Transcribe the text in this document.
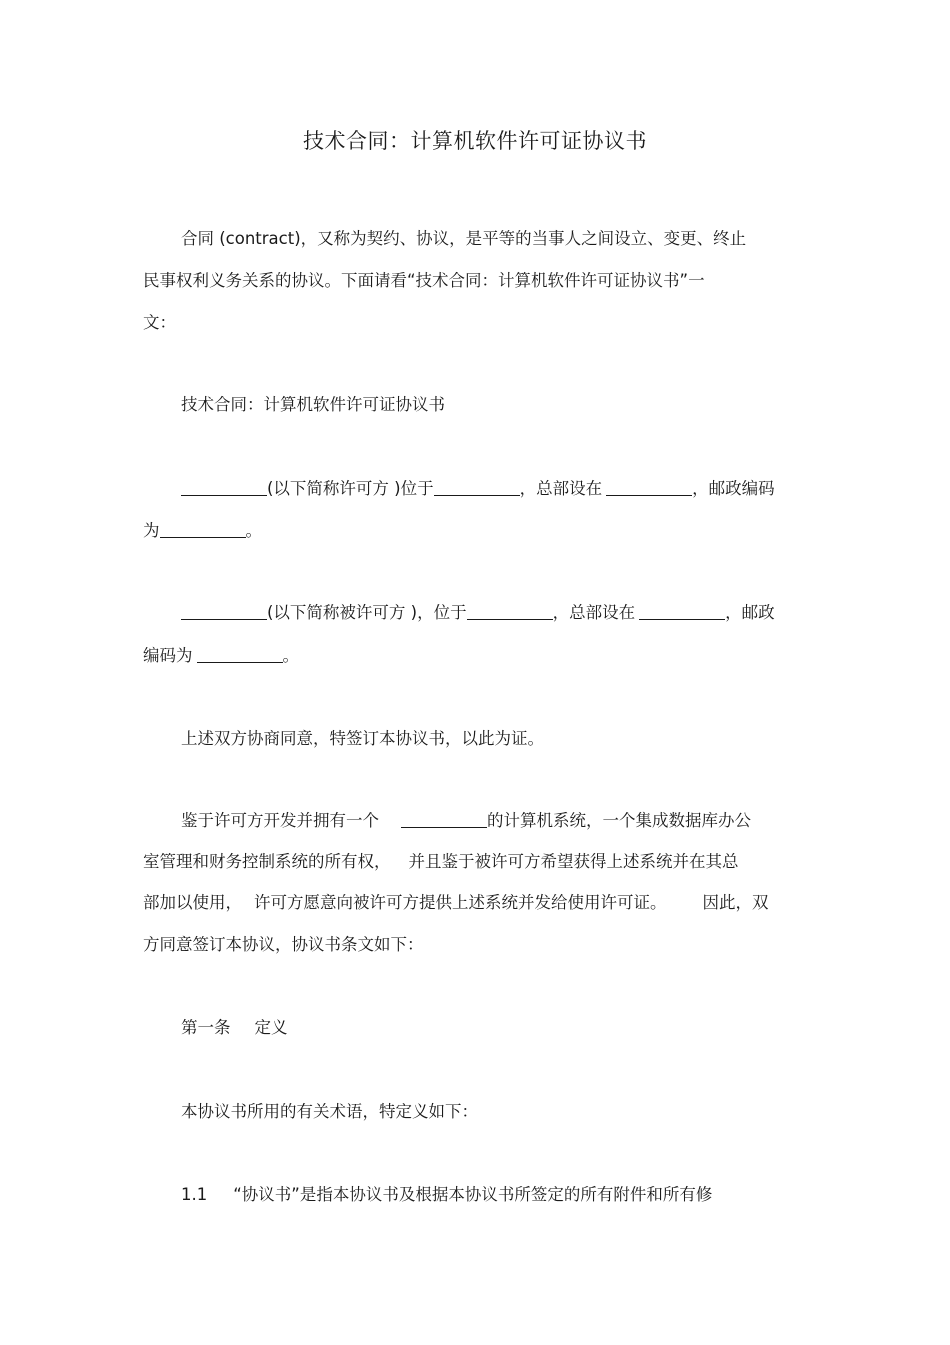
技术合同：计算机软件许可证协议书
合同 (contract)，又称为契约、协议，是平等的当事人之间设立、变更、终止
民事权利义务关系的协议。下面请看“技术合同：计算机软件许可证协议书”一
文：
技术合同：计算机软件许可证协议书
(以下简称许可方 )位于	，总部设在	，邮政编码
为	。
(以下简称被许可方 )，位于	，总部设在	，邮政
编码为	。
上述双方协商同意，特签订本协议书，以此为证。
鉴于许可方开发并拥有一个	的计算机系统，一个集成数据库办公
室管理和财务控制系统的所有权， 并且鉴于被许可方希望获得上述系统并在其总
部加以使用， 许可方愿意向被许可方提供上述系统并发给使用许可证。 因此，双
方同意签订本协议，协议书条文如下：
第一条 定义
本协议书所用的有关术语，特定义如下：
1.1 “协议书”是指本协议书及根据本协议书所签定的所有附件和所有修
